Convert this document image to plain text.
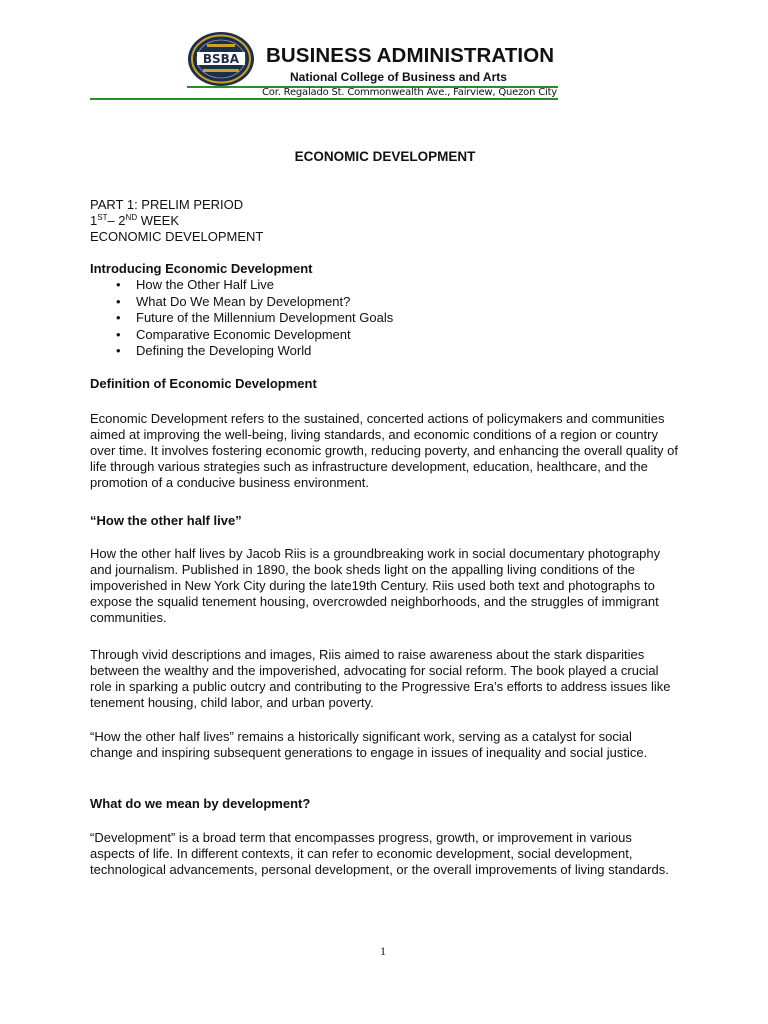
BSBA BUSINESS ADMINISTRATION
National College of Business and Arts
Cor. Regalado St. Commonwealth Ave., Fairview, Quezon City
ECONOMIC DEVELOPMENT
PART 1: PRELIM PERIOD
1ST– 2ND WEEK
ECONOMIC DEVELOPMENT
Introducing Economic Development
• How the Other Half Live
• What Do We Mean by Development?
• Future of the Millennium Development Goals
• Comparative Economic Development
• Defining the Developing World
Definition of Economic Development

Economic Development refers to the sustained, concerted actions of policymakers and communities aimed at improving the well-being, living standards, and economic conditions of a region or country over time. It involves fostering economic growth, reducing poverty, and enhancing the overall quality of life through various strategies such as infrastructure development, education, healthcare, and the promotion of a conducive business environment.

“How the other half live”

How the other half lives by Jacob Riis is a groundbreaking work in social documentary photography and journalism. Published in 1890, the book sheds light on the appalling living conditions of the impoverished in New York City during the late19th Century. Riis used both text and photographs to expose the squalid tenement housing, overcrowded neighborhoods, and the struggles of immigrant communities.

Through vivid descriptions and images, Riis aimed to raise awareness about the stark disparities between the wealthy and the impoverished, advocating for social reform. The book played a crucial role in sparking a public outcry and contributing to the Progressive Era’s efforts to address issues like tenement housing, child labor, and urban poverty.

“How the other half lives” remains a historically significant work, serving as a catalyst for social change and inspiring subsequent generations to engage in issues of inequality and social justice.

What do we mean by development?

“Development” is a broad term that encompasses progress, growth, or improvement in various aspects of life. In different contexts, it can refer to economic development, social development, technological advancements, personal development, or the overall improvements of living standards.

1
